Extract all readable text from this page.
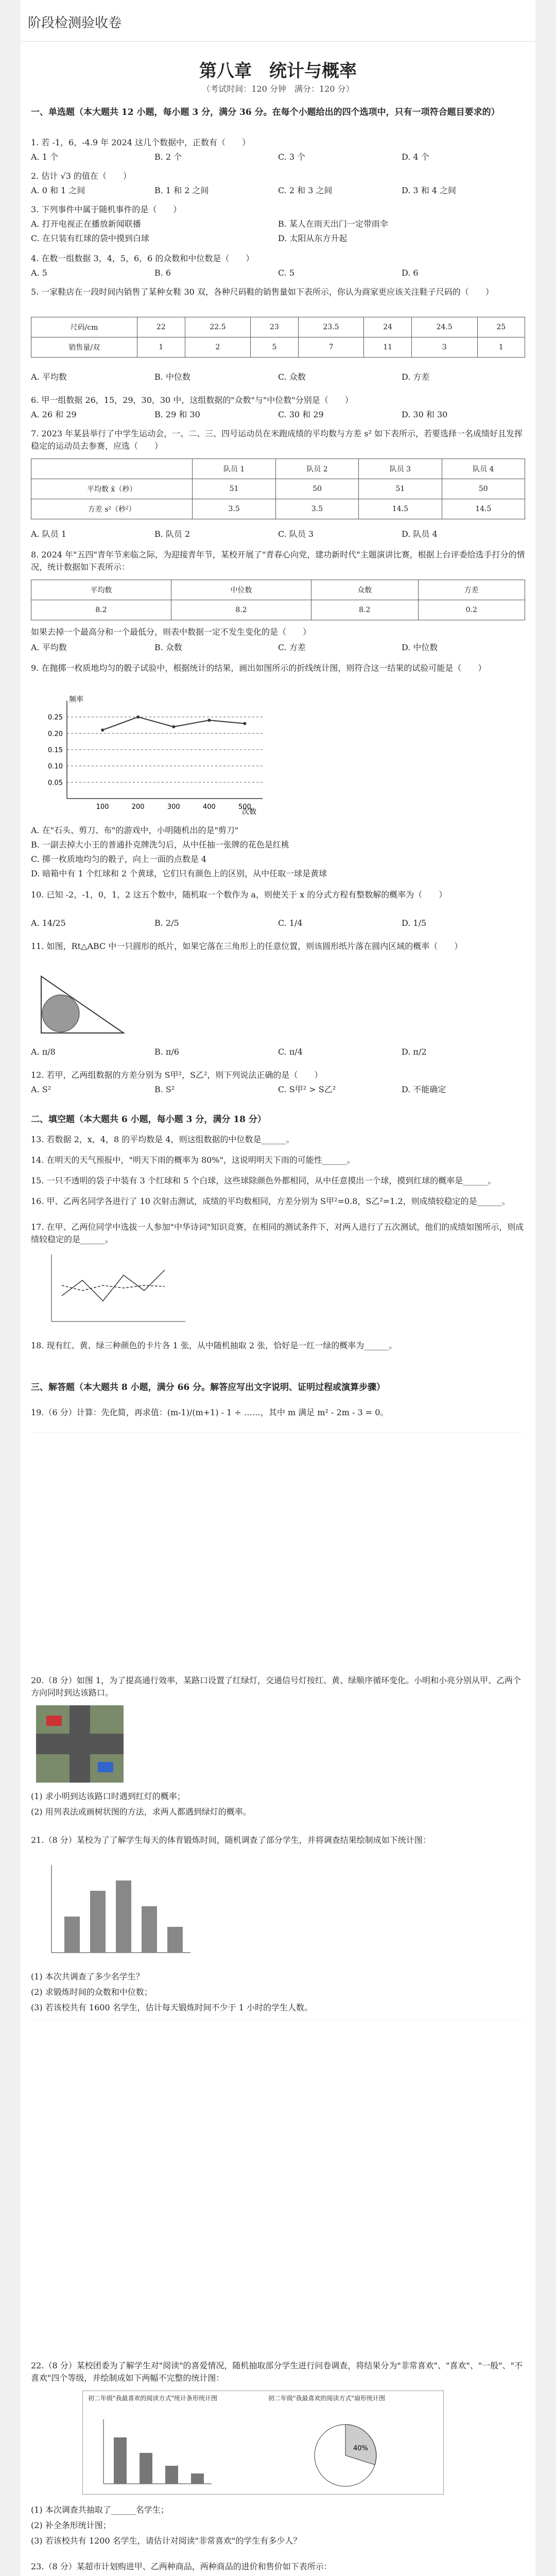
阶段检测验收卷
第八章　统计与概率
（考试时间：120 分钟　满分：120 分）
一、单选题（本大题共 12 小题，每小题 3 分，满分 36 分。在每个小题给出的四个选项中，只有一项符合题目要求的）
1. 若 -1，6，-4.9 年 2024 这几个数据中，正数有（　　）
A. 1 个	B. 2 个	C. 3 个	D. 4 个
2. 估计 √3 的值在（　　）
A. 0 和 1 之间	B. 1 和 2 之间	C. 2 和 3 之间	D. 3 和 4 之间
3. 下列事件中属于随机事件的是（　　）
A. 打开电视正在播放新闻联播	B. 某人在雨天出门一定带雨伞
C. 在只装有红球的袋中摸到白球	D. 太阳从东方升起
4. 在数一组数据 3，4，5，6，6 的众数和中位数是（　　）
A. 5	B. 6	C. 5	D. 6
5. 一家鞋店在一段时间内销售了某种女鞋 30 双，各种尺码鞋的销售量如下表所示，你认为商家更应该关注鞋子尺码的（　　）
尺码/cm	22	22.5	23	23.5	24	24.5	25
销售量/双	1	2	5	7	11	3	1
A. 平均数	B. 中位数	C. 众数	D. 方差
6. 甲一组数据 26，15，29，30，30 中，这组数据的"众数"与"中位数"分别是（　　）
A. 26 和 29	B. 29 和 30	C. 30 和 29	D. 30 和 30
7. 2023 年某县举行了中学生运动会，一、二、三、四号运动员在米跑成绩的平均数与方差 s² 如下表所示，若要选择一名成绩好且发挥稳定的运动员去参赛，应选（　　）
	队员 1	队员 2	队员 3	队员 4
平均数 x̄（秒）	51	50	51	50
方差 s²（秒²）	3.5	3.5	14.5	14.5
A. 队员 1	B. 队员 2	C. 队员 3	D. 队员 4
8. 2024 年"五四"青年节来临之际，为迎接青年节，某校开展了"青春心向党，建功新时代"主题演讲比赛，根据上台评委给选手打分的情况，统计数据如下表所示：
平均数	中位数	众数	方差
8.2	8.2	8.2	0.2
如果去掉一个最高分和一个最低分，则表中数据一定不发生变化的是（　　）
A. 平均数	B. 众数	C. 方差	D. 中位数
9. 在抛掷一枚质地均匀的骰子试验中，根据统计的结果，画出如图所示的折线统计图，则符合这一结果的试验可能是（　　）
频率
次数
0.05
0.10
0.15
0.20
0.25
100	200	300	400	500
A. 在"石头、剪刀、布"的游戏中，小明随机出的是"剪刀"
B. 一副去掉大小王的普通扑克牌洗匀后，从中任抽一张牌的花色是红桃
C. 掷一枚质地均匀的骰子，向上一面的点数是 4
D. 暗箱中有 1 个红球和 2 个黄球，它们只有颜色上的区别，从中任取一球是黄球
10. 已知 -2，-1，0，1，2 这五个数中，随机取一个数作为 a，则使关于 x 的分式方程有整数解的概率为（　　）
A. 14/25	B. 2/5	C. 1/4	D. 1/5
11. 如图，Rt△ABC 中一只圆形的纸片，如果它落在三角形上的任意位置，则该圆形纸片落在圆内区域的概率（　　）
A. π/8	B. π/6	C. π/4	D. π/2
12. 若甲，乙两组数据的方差分别为 S甲²，S乙²，则下列说法正确的是（　　）
A. S²	B. S²	C. S甲² > S乙²	D. 不能确定
二、填空题（本大题共 6 小题，每小题 3 分，满分 18 分）
13. 若数据 2，x，4，8 的平均数是 4，则这组数据的中位数是______。
14. 在明天的天气预报中，"明天下雨的概率为 80%"，这说明明天下雨的可能性______。
15. 一只不透明的袋子中装有 3 个红球和 5 个白球，这些球除颜色外都相同，从中任意摸出一个球，摸到红球的概率是______。
16. 甲、乙两名同学各进行了 10 次射击测试，成绩的平均数相同，方差分别为 S甲²=0.8，S乙²=1.2，则成绩较稳定的是______。
17. 在甲、乙两位同学中选拔一人参加"中华诗词"知识竞赛，在相同的测试条件下，对两人进行了五次测试，他们的成绩如图所示，则成绩较稳定的是______。
18. 现有红、黄、绿三种颜色的卡片各 1 张，从中随机抽取 2 张，恰好是一红一绿的概率为______。
三、解答题（本大题共 8 小题，满分 66 分。解答应写出文字说明、证明过程或演算步骤）
19.（6 分）计算：先化简，再求值：(m-1)/(m+1) - 1 ÷ ……，其中 m 满足 m² - 2m - 3 = 0。
20.（8 分）如图 1，为了提高通行效率，某路口设置了红绿灯，交通信号灯按红、黄、绿顺序循环变化。小明和小亮分别从甲、乙两个方向同时到达该路口。
(1) 求小明到达该路口时遇到红灯的概率；
(2) 用列表法或画树状图的方法，求两人都遇到绿灯的概率。
21.（8 分）某校为了了解学生每天的体育锻炼时间，随机调查了部分学生，并将调查结果绘制成如下统计图：
(1) 本次共调查了多少名学生？
(2) 求锻炼时间的众数和中位数；
(3) 若该校共有 1600 名学生，估计每天锻炼时间不少于 1 小时的学生人数。
22.（8 分）某校团委为了解学生对"阅读"的喜爱情况，随机抽取部分学生进行问卷调查，将结果分为"非常喜欢"、"喜欢"、"一般"、"不喜欢"四个等级，并绘制成如下两幅不完整的统计图：
初二年级"我最喜欢的阅读方式"统计条形统计图	初二年级"我最喜欢的阅读方式"扇形统计图
40%
(1) 本次调查共抽取了______名学生；
(2) 补全条形统计图；
(3) 若该校共有 1200 名学生，请估计对阅读"非常喜欢"的学生有多少人？
23.（8 分）某超市计划购进甲、乙两种商品，两种商品的进价和售价如下表所示：
